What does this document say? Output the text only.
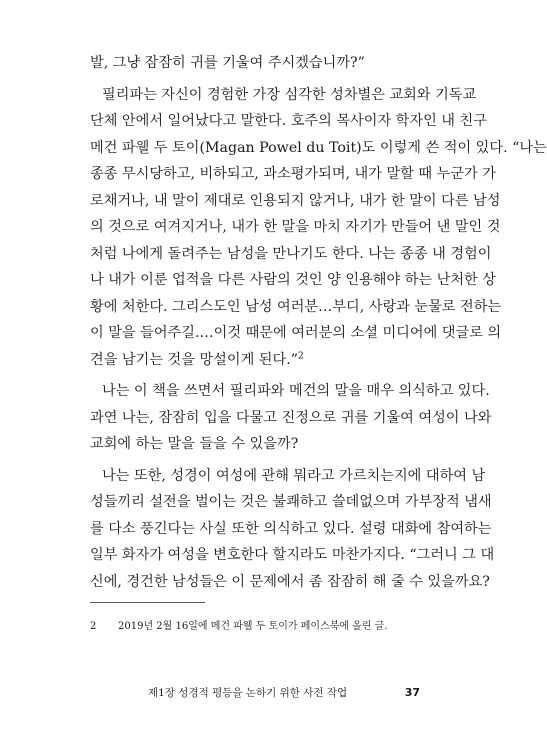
발, 그냥 잠잠히 귀를 기울여 주시겠습니까?”
필리파는 자신이 경험한 가장 심각한 성차별은 교회와 기독교
단체 안에서 일어났다고 말한다. 호주의 목사이자 학자인 내 친구
메건 파웰 두 토이(Magan Powel du Toit)도 이렇게 쓴 적이 있다. “나는
종종 무시당하고, 비하되고, 과소평가되며, 내가 말할 때 누군가 가
로채거나, 내 말이 제대로 인용되지 않거나, 내가 한 말이 다른 남성
의 것으로 여겨지거나, 내가 한 말을 마치 자기가 만들어 낸 말인 것
처럼 나에게 돌려주는 남성을 만나기도 한다. 나는 종종 내 경험이
나 내가 이룬 업적을 다른 사람의 것인 양 인용해야 하는 난처한 상
황에 처한다. 그리스도인 남성 여러분…부디, 사랑과 눈물로 전하는
이 말을 들어주길.…이것 때문에 여러분의 소셜 미디어에 댓글로 의
견을 남기는 것을 망설이게 된다.”$^2$
나는 이 책을 쓰면서 필리파와 메건의 말을 매우 의식하고 있다.
과연 나는, 잠잠히 입을 다물고 진정으로 귀를 기울여 여성이 나와
교회에 하는 말을 들을 수 있을까?
나는 또한, 성경이 여성에 관해 뭐라고 가르치는지에 대하여 남
성들끼리 설전을 벌이는 것은 불쾌하고 쓸데없으며 가부장적 냄새
를 다소 풍긴다는 사실 또한 의식하고 있다. 설령 대화에 참여하는
일부 화자가 여성을 변호한다 할지라도 마찬가지다. “그러니 그 대
신에, 경건한 남성들은 이 문제에서 좀 잠잠히 해 줄 수 있을까요?
2 2019년 2월 16일에 메건 파웰 두 토이가 페이스북에 올린 글.
제1장 성경적 평등을 논하기 위한 사전 작업	37
